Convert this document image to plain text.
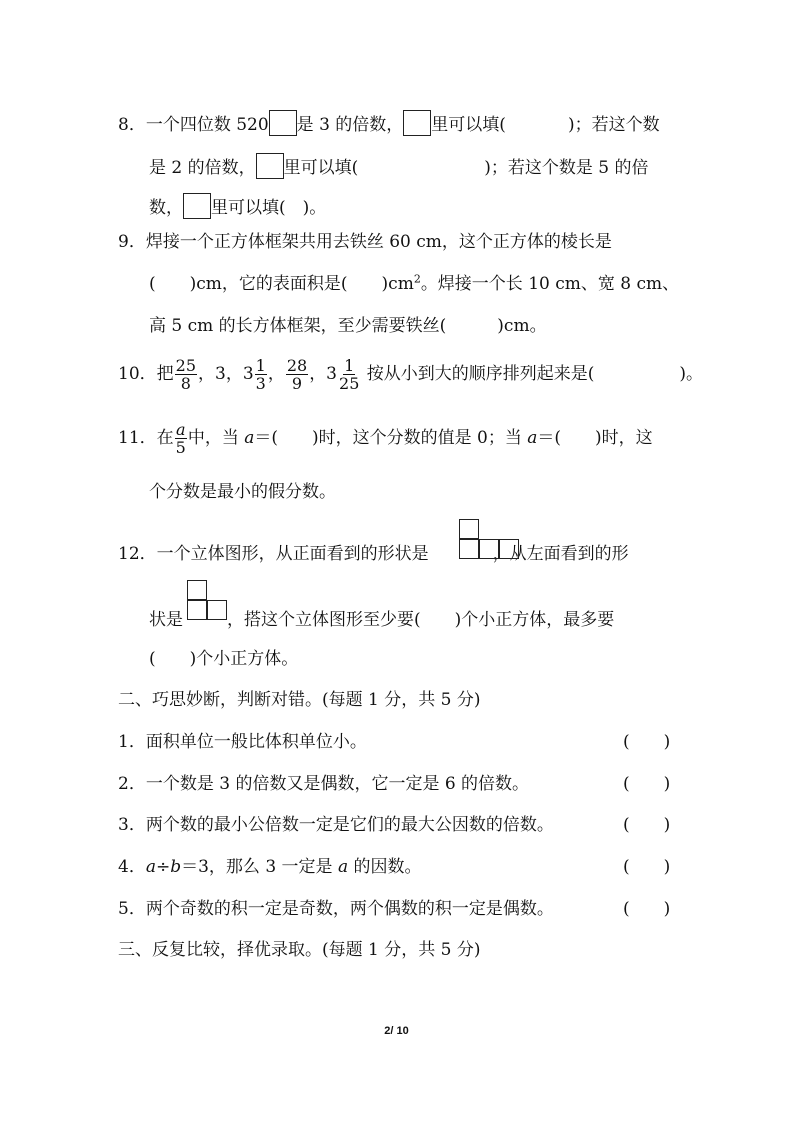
8．一个四位数 520 是 3 的倍数， 里可以填(	)；若这个数
是 2 的倍数， 里可以填(	)；若这个数是 5 的倍
数， 里可以填(　)。
9．焊接一个正方体框架共用去铁丝 60 cm，这个正方体的棱长是
(　　)cm，它的表面积是(　　)$cm^2$。焊接一个长 10 cm、宽 8 cm、
高 5 cm 的长方体框架，至少需要铁丝(　　　)cm。
10．把 $\frac{25}{8}$ ，3，$3 \frac{1}{3}$ ， $\frac{28}{9}$ ，$3 \frac{1}{25}$ 按从小到大的顺序排列起来是(　　　　　)。
11．在 $\frac{a}{5}$ 中，当 a＝(　　)时，这个分数的值是 0；当 a＝(　　)时，这
个分数是最小的假分数。
12．一个立体图形，从正面看到的形状是	，从左面看到的形
状是	，搭这个立体图形至少要(　　)个小正方体，最多要
(　　)个小正方体。
二、巧思妙断，判断对错。(每题 1 分，共 5 分)
1．面积单位一般比体积单位小。	(　　)
2．一个数是 3 的倍数又是偶数，它一定是 6 的倍数。	(　　)
3．两个数的最小公倍数一定是它们的最大公因数的倍数。	(　　)
4．a÷b＝3，那么 3 一定是 a 的因数。	(　　)
5．两个奇数的积一定是奇数，两个偶数的积一定是偶数。	(　　)
三、反复比较，择优录取。(每题 1 分，共 5 分)
2/ 10
